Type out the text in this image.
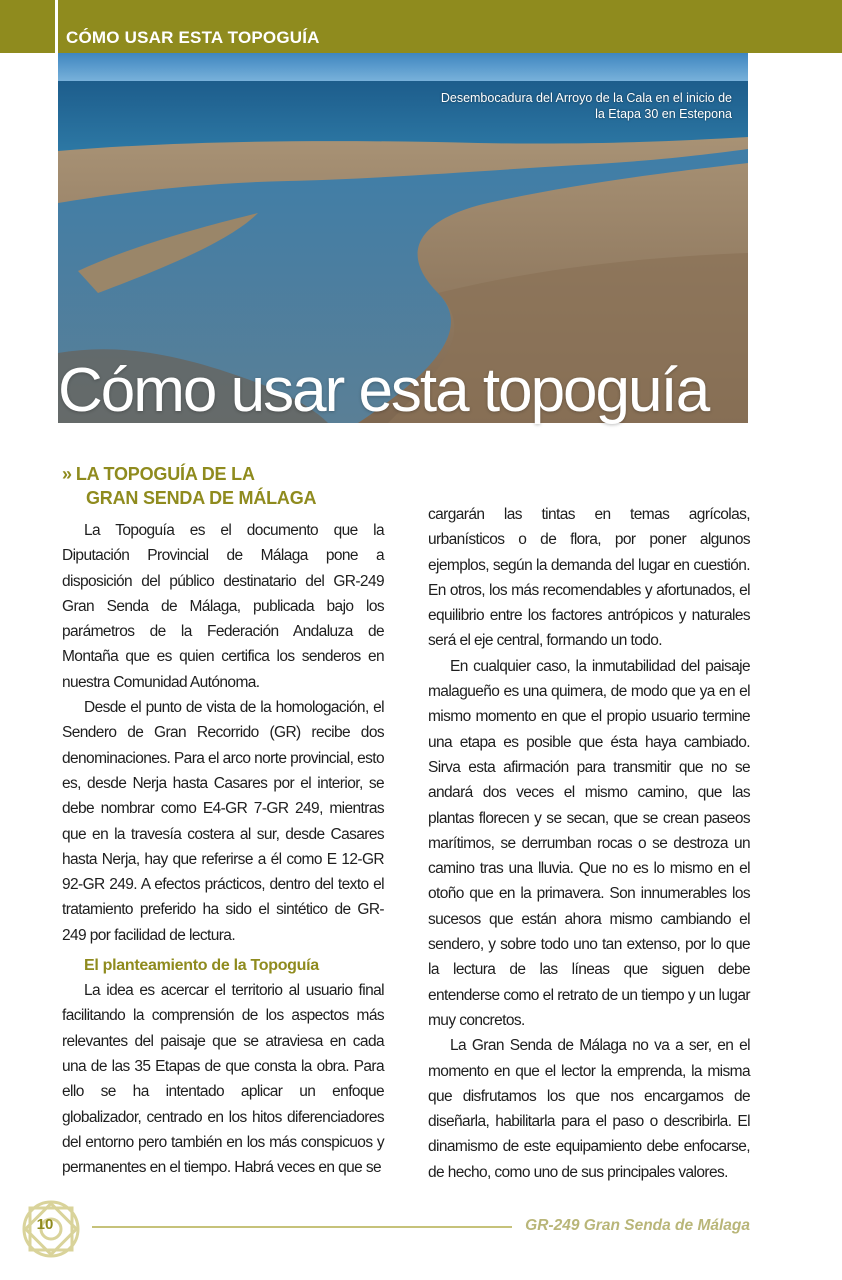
CÓMO USAR ESTA TOPOGUÍA
Desembocadura del Arroyo de la Cala en el inicio de
la Etapa 30 en Estepona
Cómo usar esta topoguía
» LA TOPOGUÍA DE LA
GRAN SENDA DE MÁLAGA

La Topoguía es el documento que la Diputación Provincial de Málaga pone a disposición del público destinatario del GR-249 Gran Senda de Málaga, publicada bajo los parámetros de la Federación Andaluza de Montaña que es quien certifica los senderos en nuestra Comunidad Autónoma.

Desde el punto de vista de la homologación, el Sendero de Gran Recorrido (GR) recibe dos denominaciones. Para el arco norte provincial, esto es, desde Nerja hasta Casares por el interior, se debe nombrar como E4-GR 7-GR 249, mientras que en la travesía costera al sur, desde Casares hasta Nerja, hay que referirse a él como E 12-GR 92-GR 249. A efectos prácticos, dentro del texto el tratamiento preferido ha sido el sintético de GR-249 por facilidad de lectura.

El planteamiento de la Topoguía

La idea es acercar el territorio al usuario final facilitando la comprensión de los aspectos más relevantes del paisaje que se atraviesa en cada una de las 35 Etapas de que consta la obra. Para ello se ha intentado aplicar un enfoque globalizador, centrado en los hitos diferenciadores del entorno pero también en los más conspicuos y permanentes en el tiempo. Habrá veces en que se

cargarán las tintas en temas agrícolas, urbanísticos o de flora, por poner algunos ejemplos, según la demanda del lugar en cuestión. En otros, los más recomendables y afortunados, el equilibrio entre los factores antrópicos y naturales será el eje central, formando un todo.

En cualquier caso, la inmutabilidad del paisaje malagueño es una quimera, de modo que ya en el mismo momento en que el propio usuario termine una etapa es posible que ésta haya cambiado. Sirva esta afirmación para transmitir que no se andará dos veces el mismo camino, que las plantas florecen y se secan, que se crean paseos marítimos, se derrumban rocas o se destroza un camino tras una lluvia. Que no es lo mismo en el otoño que en la primavera. Son innumerables los sucesos que están ahora mismo cambiando el sendero, y sobre todo uno tan extenso, por lo que la lectura de las líneas que siguen debe entenderse como el retrato de un tiempo y un lugar muy concretos.

La Gran Senda de Málaga no va a ser, en el momento en que el lector la emprenda, la misma que disfrutamos los que nos encargamos de diseñarla, habilitarla para el paso o describirla. El dinamismo de este equipamiento debe enfocarse, de hecho, como uno de sus principales valores.

10	GR-249 Gran Senda de Málaga
